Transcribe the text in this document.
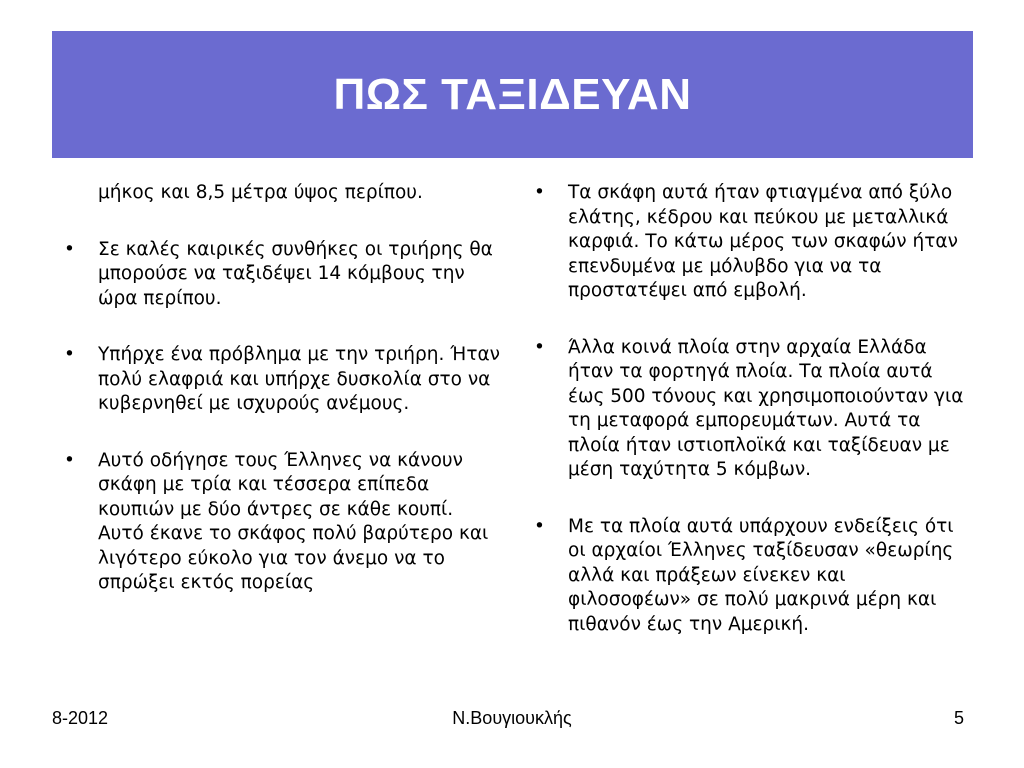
ΠΩΣ ΤΑΞΙΔΕΥΑΝ

μήκος και 8,5 μέτρα ύψος περίπου.

• Σε καλές καιρικές συνθήκες οι τριήρης θα μπορούσε να ταξιδέψει 14 κόμβους την ώρα περίπου.
• Υπήρχε ένα πρόβλημα με την τριήρη. Ήταν πολύ ελαφριά και υπήρχε δυσκολία στο να κυβερνηθεί με ισχυρούς ανέμους.
• Αυτό οδήγησε τους Έλληνες να κάνουν σκάφη με τρία και τέσσερα επίπεδα κουπιών με δύο άντρες σε κάθε κουπί. Αυτό έκανε το σκάφος πολύ βαρύτερο και λιγότερο εύκολο για τον άνεμο να το σπρώξει εκτός πορείας
• Τα σκάφη αυτά ήταν φτιαγμένα από ξύλο ελάτης, κέδρου και πεύκου με μεταλλικά καρφιά. Το κάτω μέρος των σκαφών ήταν επενδυμένα με μόλυβδο για να τα προστατέψει από εμβολή.
• Άλλα κοινά πλοία στην αρχαία Ελλάδα ήταν τα φορτηγά πλοία. Τα πλοία αυτά έως 500 τόνους και χρησιμοποιούνταν για τη μεταφορά εμπορευμάτων. Αυτά τα πλοία ήταν ιστιοπλοϊκά και ταξίδευαν με μέση ταχύτητα 5 κόμβων.
• Με τα πλοία αυτά υπάρχουν ενδείξεις ότι οι αρχαίοι Έλληνες ταξίδευσαν «θεωρίης αλλά και πράξεων είνεκεν και φιλοσοφέων» σε πολύ μακρινά μέρη και πιθανόν έως την Αμερική.
Ν.Βουγιουκλής
8-2012	5
